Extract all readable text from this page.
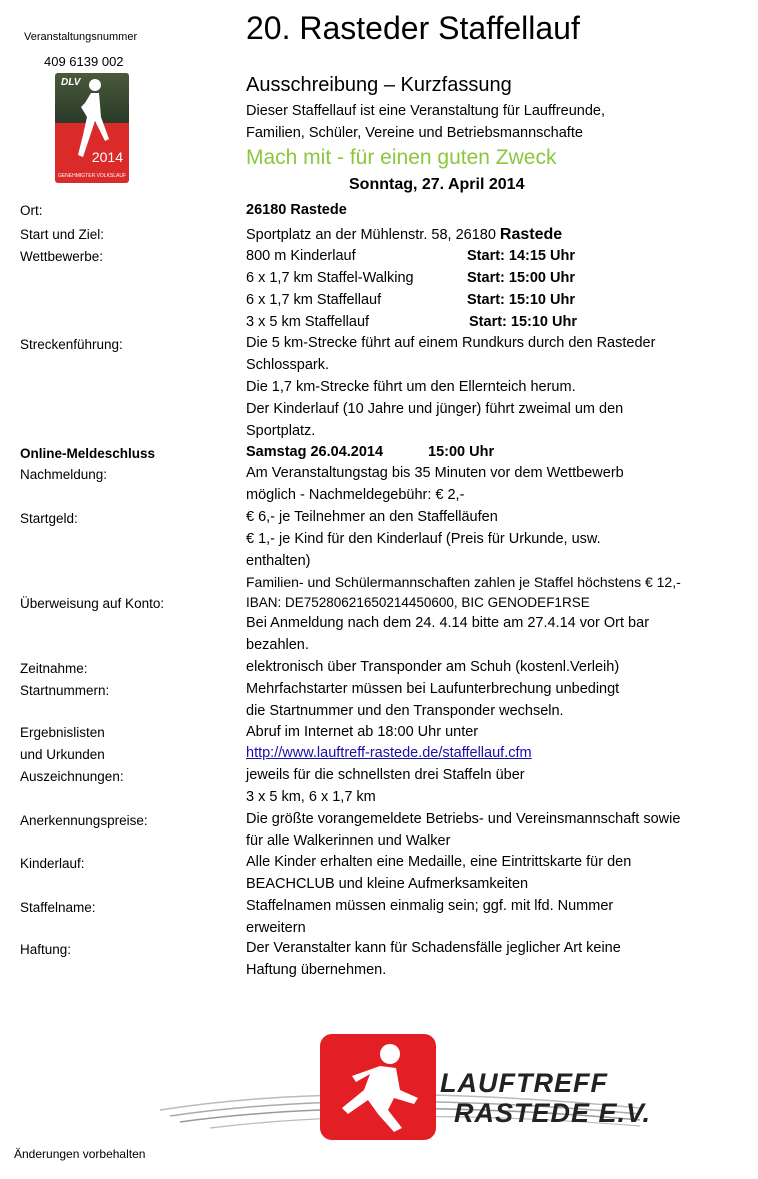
Veranstaltungsnummer
409 6139 002
DLV
2014
GENEHMIGTER VOLKSLAUF
20. Rasteder Staffellauf
Ausschreibung – Kurzfassung
Dieser Staffellauf ist eine Veranstaltung für Lauffreunde,
Familien, Schüler, Vereine und Betriebsmannschafte
Mach mit - für einen guten Zweck
Sonntag, 27. April 2014
Ort:	26180 Rastede
Start und Ziel:	Sportplatz an der Mühlenstr. 58, 26180 Rastede
Wettbewerbe:	800 m Kinderlauf	Start: 14:15 Uhr
6 x 1,7 km Staffel-Walking	Start: 15:00 Uhr
6 x 1,7 km Staffellauf	Start: 15:10 Uhr
3 x 5 km Staffellauf	Start: 15:10 Uhr
Streckenführung:	Die 5 km-Strecke führt auf einem Rundkurs durch den Rasteder
Schlosspark.
Die 1,7 km-Strecke führt um den Ellernteich herum.
Der Kinderlauf (10 Jahre und jünger) führt zweimal um den
Sportplatz.
Online-Meldeschluss	Samstag 26.04.2014	15:00 Uhr
Nachmeldung:	Am Veranstaltungstag bis 35 Minuten vor dem Wettbewerb
möglich - Nachmeldegebühr: € 2,-
Startgeld:	€ 6,- je Teilnehmer an den Staffelläufen
€ 1,- je Kind für den Kinderlauf (Preis für Urkunde, usw.
enthalten)
Familien- und Schülermannschaften zahlen je Staffel höchstens € 12,-
Überweisung auf Konto:	IBAN: DE75280621650214450600, BIC GENODEF1RSE
Bei Anmeldung nach dem 24. 4.14 bitte am 27.4.14 vor Ort bar
bezahlen.
Zeitnahme:	elektronisch über Transponder am Schuh (kostenl.Verleih)
Startnummern:	Mehrfachstarter müssen bei Laufunterbrechung unbedingt
die Startnummer und den Transponder wechseln.
Ergebnislisten
und Urkunden
Abruf im Internet ab 18:00 Uhr unter
http://www.lauftreff-rastede.de/staffellauf.cfm
Auszeichnungen:	jeweils für die schnellsten drei Staffeln über
3 x 5 km, 6 x 1,7 km
Anerkennungspreise:	Die größte vorangemeldete Betriebs- und Vereinsmannschaft sowie
für alle Walkerinnen und Walker
Kinderlauf:	Alle Kinder erhalten eine Medaille, eine Eintrittskarte für den
BEACHCLUB und kleine Aufmerksamkeiten
Staffelname:	Staffelnamen müssen einmalig sein; ggf. mit lfd. Nummer
erweitern
Haftung:	Der Veranstalter kann für Schadensfälle jeglicher Art keine
Haftung übernehmen.
LAUFTREFF
RASTEDE E.V.
Änderungen vorbehalten
